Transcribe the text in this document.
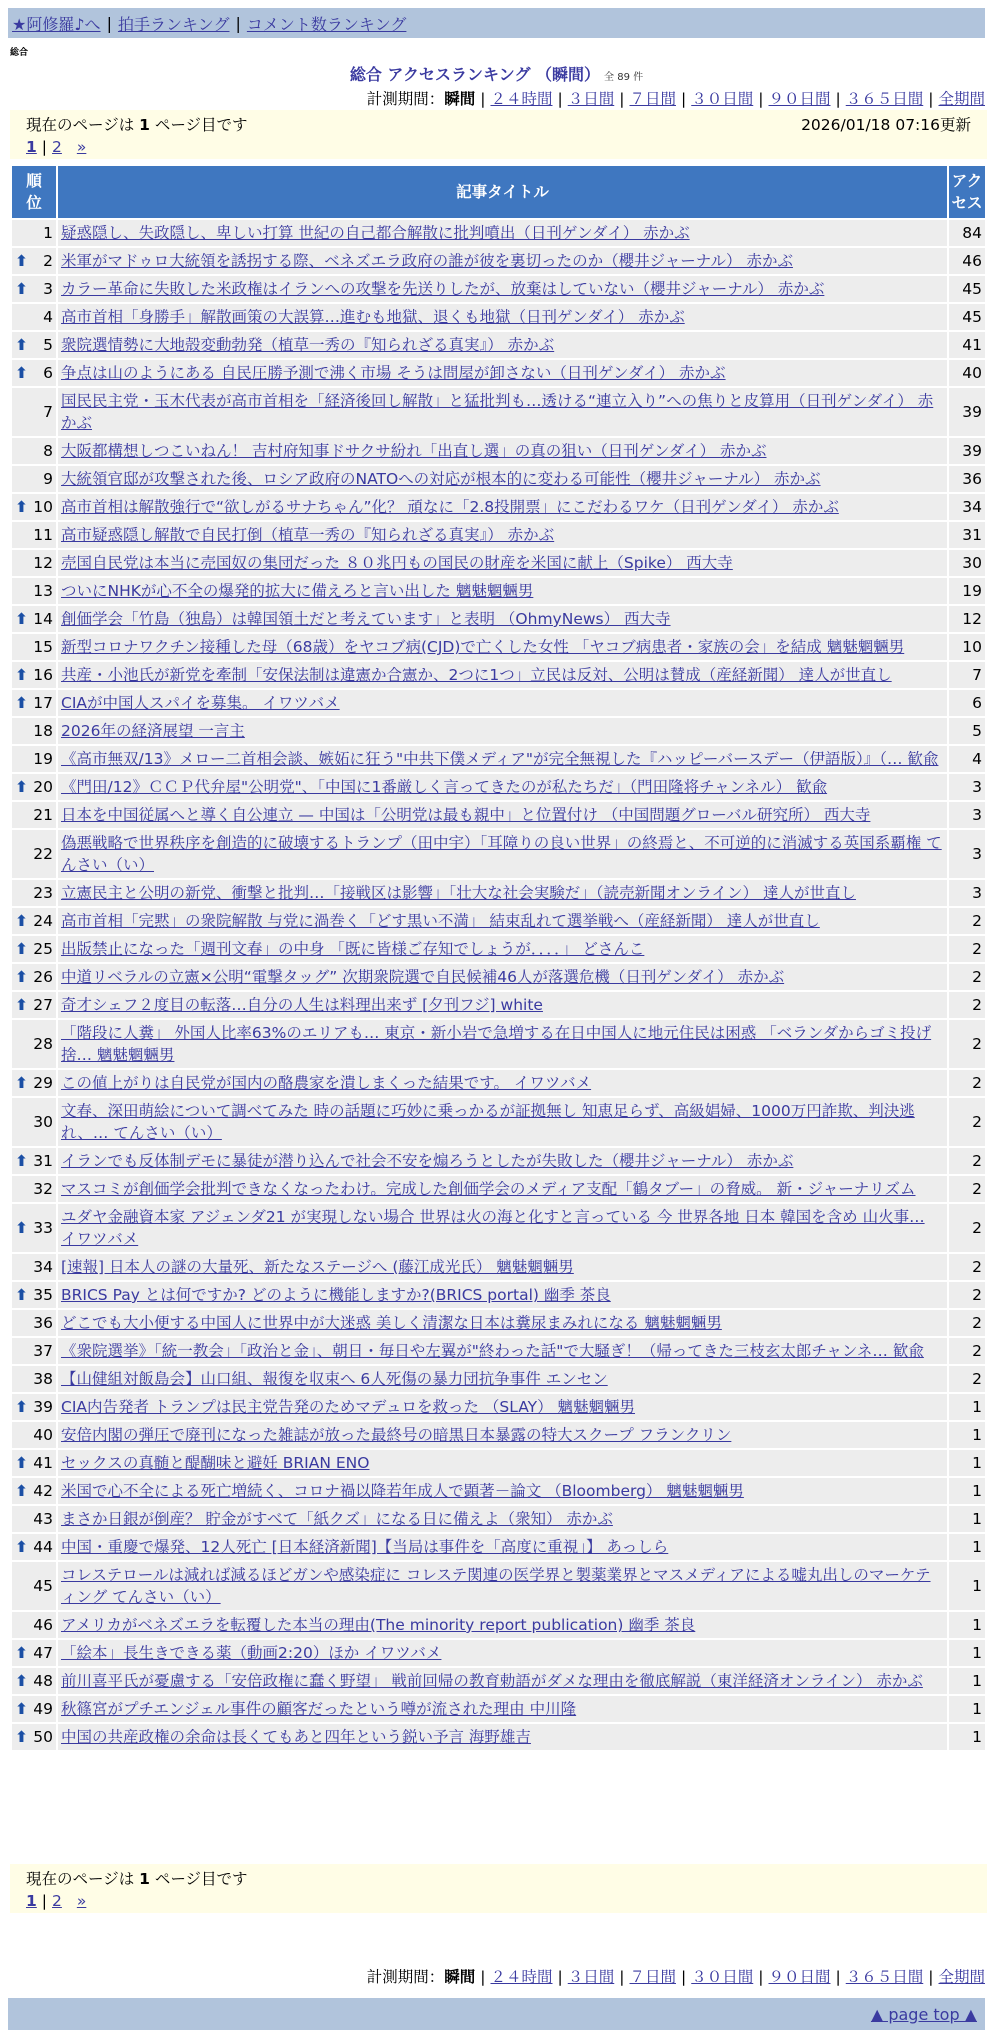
★阿修羅♪へ | 拍手ランキング | コメント数ランキング
総合
総合 アクセスランキング （瞬間） 全 89 件
計測期間：瞬間 | ２４時間 | ３日間 | ７日間 | ３０日間 | ９０日間 | ３６５日間 | 全期間
現在のページは 1 ページ目です	2026/01/18 07:16更新
1 | 2 »
順位	記事タイトル	アクセス
1	疑惑隠し、失政隠し、卑しい打算 世紀の自己都合解散に批判噴出（日刊ゲンダイ） 赤かぶ	84

⬆ 2	米軍がマドゥロ大統領を誘拐する際、ベネズエラ政府の誰が彼を裏切ったのか（櫻井ジャーナル） 赤かぶ	46

⬆ 3	カラー革命に失敗した米政権はイランへの攻撃を先送りしたが、放棄はしていない（櫻井ジャーナル） 赤かぶ	45
4	高市首相「身勝手」解散画策の大誤算…進むも地獄、退くも地獄（日刊ゲンダイ） 赤かぶ	45

⬆ 5	衆院選情勢に大地殻変動勃発（植草一秀の『知られざる真実』） 赤かぶ	41

⬆ 6	争点は山のようにある 自民圧勝予測で沸く市場 そうは問屋が卸さない（日刊ゲンダイ） 赤かぶ	40
7	国民民主党・玉木代表が高市首相を「経済後回し解散」と猛批判も…透ける“連立入り”への焦りと皮算用（日刊ゲンダイ） 赤かぶ	39
8	大阪都構想しつこいねん！ 吉村府知事ドサクサ紛れ「出直し選」の真の狙い（日刊ゲンダイ） 赤かぶ	39
9	大統領官邸が攻撃された後、ロシア政府のNATOへの対応が根本的に変わる可能性（櫻井ジャーナル） 赤かぶ	36

⬆ 10	高市首相は解散強行で“欲しがるサナちゃん”化？ 頑なに「2.8投開票」にこだわるワケ（日刊ゲンダイ） 赤かぶ	34
11	高市疑惑隠し解散で自民打倒（植草一秀の『知られざる真実』） 赤かぶ	31
12	売国自民党は本当に売国奴の集団だった ８０兆円もの国民の財産を米国に献上（Spike） 西大寺	30
13	ついにNHKが心不全の爆発的拡大に備えろと言い出した 魑魅魍魎男	19

⬆ 14	創価学会「竹島（独島）は韓国領土だと考えています」と表明 （OhmyNews） 西大寺	12
15	新型コロナワクチン接種した母（68歳）をヤコブ病(CJD)で亡くした女性 「ヤコブ病患者・家族の会」を結成 魑魅魍魎男	10

⬆ 16	共産・小池氏が新党を牽制「安保法制は違憲か合憲か、2つに1つ」立民は反対、公明は賛成（産経新聞） 達人が世直し	7

⬆ 17	CIAが中国人スパイを募集。 イワツバメ	6
18	2026年の経済展望 一言主	5
19	《高市無双/13》メロー二首相会談、嫉妬に狂う"中共下僕メディア"が完全無視した『ハッピーバースデー（伊語版）』（… 歓兪	4

⬆ 20	《門田/12》ＣＣＰ代弁屋"公明党"、「中国に1番厳しく言ってきたのが私たちだ」（門田隆将チャンネル） 歓兪	3
21	日本を中国従属へと導く自公連立 — 中国は「公明党は最も親中」と位置付け （中国問題グローバル研究所） 西大寺	3
22	偽悪戦略で世界秩序を創造的に破壊するトランプ（田中宇）「耳障りの良い世界」の終焉と、不可逆的に消滅する英国系覇権 てんさい（い）	3
23	立憲民主と公明の新党、衝撃と批判…「接戦区は影響」「壮大な社会実験だ」（読売新聞オンライン） 達人が世直し	3

⬆ 24	高市首相「完黙」の衆院解散 与党に渦巻く「どす黒い不満」 結束乱れて選挙戦へ（産経新聞） 達人が世直し	2

⬆ 25	出版禁止になった「週刊文春」の中身 「既に皆様ご存知でしょうが．．．．」 どさんこ	2

⬆ 26	中道リベラルの立憲×公明“電撃タッグ” 次期衆院選で自民候補46人が落選危機（日刊ゲンダイ） 赤かぶ	2

⬆ 27	奇才シェフ２度目の転落…自分の人生は料理出来ず [夕刊フジ] white	2
28	「階段に人糞」 外国人比率63%のエリアも… 東京・新小岩で急増する在日中国人に地元住民は困惑 「ベランダからゴミ投げ捨… 魑魅魍魎男	2

⬆ 29	この値上がりは自民党が国内の酪農家を潰しまくった結果です。 イワツバメ	2
30	文春、深田萌絵について調べてみた 時の話題に巧妙に乗っかるが証拠無し 知恵足らず、高級娼婦、1000万円詐欺、判決逃れ、… てんさい（い）	2

⬆ 31	イランでも反体制デモに暴徒が潜り込んで社会不安を煽ろうとしたが失敗した（櫻井ジャーナル） 赤かぶ	2
32	マスコミが創価学会批判できなくなったわけ。完成した創価学会のメディア支配「鶴タブー」の脅威。 新・ジャーナリズム	2

⬆ 33	ユダヤ金融資本家 アジェンダ21 が実現しない場合 世界は火の海と化すと言っている 今 世界各地 日本 韓国を含め 山火事… イワツバメ	2
34	[速報] 日本人の謎の大量死、新たなステージへ (藤江成光氏） 魑魅魍魎男	2

⬆ 35	BRICS Pay とは何ですか? どのように機能しますか?(BRICS portal) 幽季 茶良	2
36	どこでも大小便する中国人に世界中が大迷惑 美しく清潔な日本は糞尿まみれになる 魑魅魍魎男	2
37	《衆院選挙》「統一教会」「政治と金」、朝日・毎日や左翼が"終わった話"で大騒ぎ！（帰ってきた三枝玄太郎チャンネ… 歓兪	2
38	【山健組対飯島会】山口組、報復を収束へ 6人死傷の暴力団抗争事件 エンセン	2

⬆ 39	CIA内告発者 トランプは民主党告発のためマデュロを救った （SLAY） 魑魅魍魎男	1
40	安倍内閣の弾圧で廃刊になった雑誌が放った最終号の暗黒日本暴露の特大スクープ フランクリン	1

⬆ 41	セックスの真髄と醍醐味と避妊 BRIAN ENO	1

⬆ 42	米国で心不全による死亡増続く、コロナ禍以降若年成人で顕著－論文 （Bloomberg） 魑魅魍魎男	1
43	まさか日銀が倒産？ 貯金がすべて「紙クズ」になる日に備えよ（衆知） 赤かぶ	1

⬆ 44	中国・重慶で爆発、12人死亡 [日本経済新聞]【当局は事件を「高度に重視」】 あっしら	1
45	コレステロールは減れば減るほどガンや感染症に コレステ関連の医学界と製薬業界とマスメディアによる嘘丸出しのマーケティング てんさい（い）	1
46	アメリカがベネズエラを転覆した本当の理由(The minority report publication) 幽季 茶良	1

⬆ 47	「絵本」長生きできる薬（動画2:20）ほか イワツバメ	1

⬆ 48	前川喜平氏が憂慮する「安倍政権に蠢く野望」 戦前回帰の教育勅語がダメな理由を徹底解説（東洋経済オンライン） 赤かぶ	1

⬆ 49	秋篠宮がプチエンジェル事件の顧客だったという噂が流された理由 中川隆	1

⬆ 50	中国の共産政権の余命は長くてもあと四年という鋭い予言 海野雄吉	1
現在のページは 1 ページ目です
1 | 2 »
計測期間：瞬間 | ２４時間 | ３日間 | ７日間 | ３０日間 | ９０日間 | ３６５日間 | 全期間
▲ page top ▲
